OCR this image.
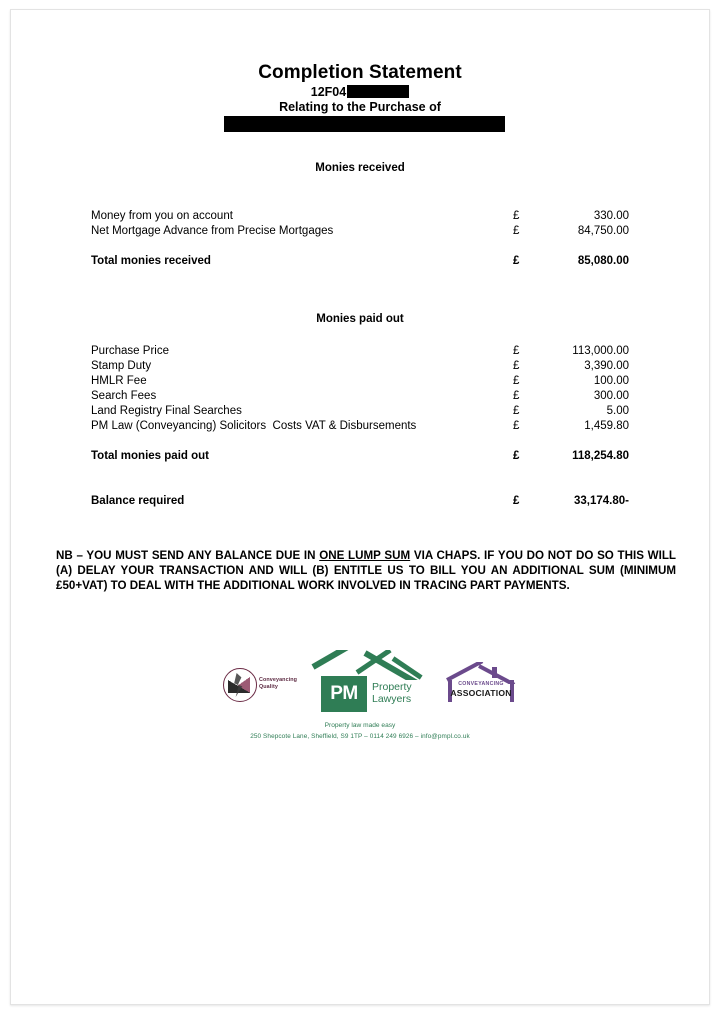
Completion Statement
12F04
Relating to the Purchase of
Monies received
Money from you on account	£	330.00
Net Mortgage Advance from Precise Mortgages	£	84,750.00
Total monies received	£	85,080.00
Monies paid out
Purchase Price	£	113,000.00
Stamp Duty	£	3,390.00
HMLR Fee	£	100.00
Search Fees	£	300.00
Land Registry Final Searches	£	5.00
PM Law (Conveyancing) Solicitors  Costs VAT & Disbursements	£	1,459.80
Total monies paid out	£	118,254.80
Balance required	£	33,174.80-
NB – YOU MUST SEND ANY BALANCE DUE IN ONE LUMP SUM VIA CHAPS. IF YOU DO NOT DO SO THIS WILL (A) DELAY YOUR TRANSACTION AND WILL (B) ENTITLE US TO BILL YOU AN ADDITIONAL SUM (MINIMUM £50+VAT) TO DEAL WITH THE ADDITIONAL WORK INVOLVED IN TRACING PART PAYMENTS.
Conveyancing
Quality	PM	Property
Lawyers
CONVEYANCING
ASSOCIATION
Property law made easy
250 Shepcote Lane, Sheffield, S9 1TP – 0114 249 6926 – info@pmpl.co.uk
